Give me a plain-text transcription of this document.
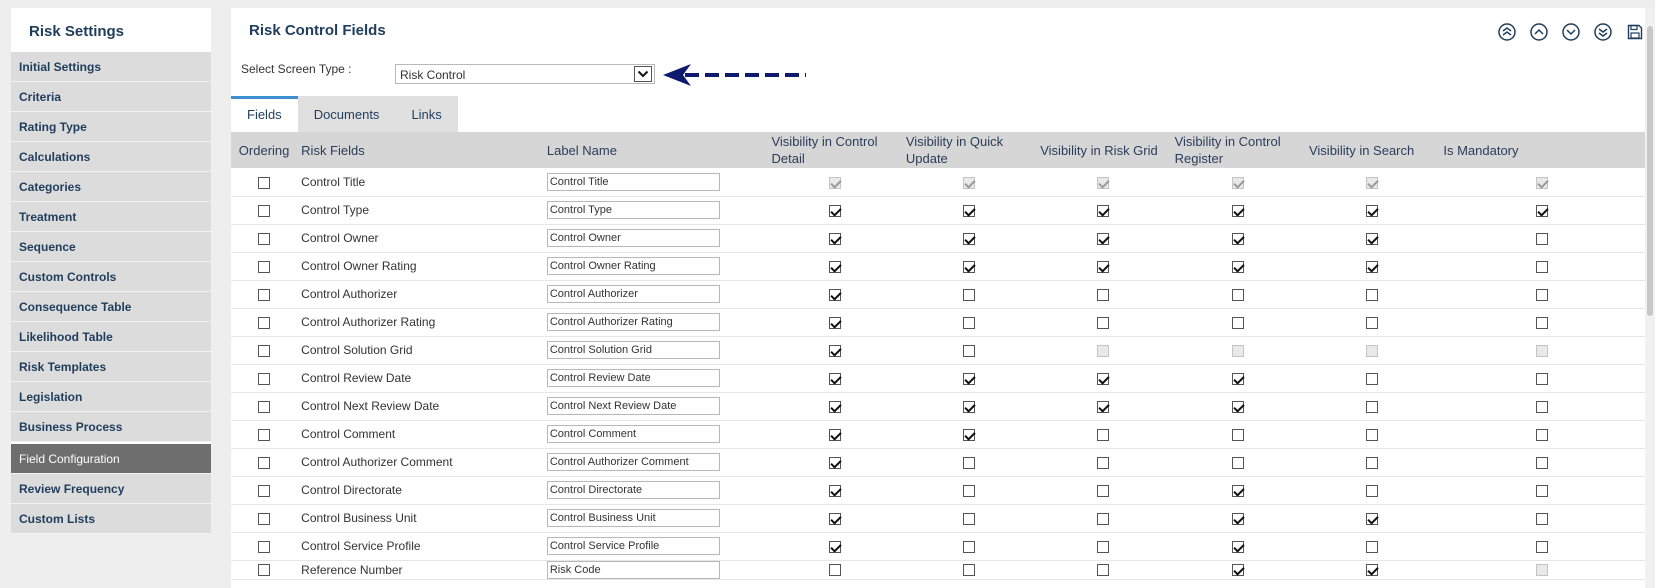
Risk Settings
Initial Settings
Criteria
Rating Type
Calculations
Categories
Treatment
Sequence
Custom Controls
Consequence Table
Likelihood Table
Risk Templates
Legislation
Business Process
Field Configuration
Review Frequency
Custom Lists
Risk Control Fields
Select Screen Type :	Risk Control
Fields	Documents	Links
Ordering	Risk Fields	Label Name	Visibility in Control Detail	Visibility in Quick Update	Visibility in Risk Grid	Visibility in Control Register	Visibility in Search	Is Mandatory
	Control Title	Control Title						
	Control Type	Control Type						
	Control Owner	Control Owner						
	Control Owner Rating	Control Owner Rating						
	Control Authorizer	Control Authorizer						
	Control Authorizer Rating	Control Authorizer Rating						
	Control Solution Grid	Control Solution Grid						
	Control Review Date	Control Review Date						
	Control Next Review Date	Control Next Review Date						
	Control Comment	Control Comment						
	Control Authorizer Comment	Control Authorizer Comment						
	Control Directorate	Control Directorate						
	Control Business Unit	Control Business Unit						
	Control Service Profile	Control Service Profile						
	Reference Number	Risk Code						
